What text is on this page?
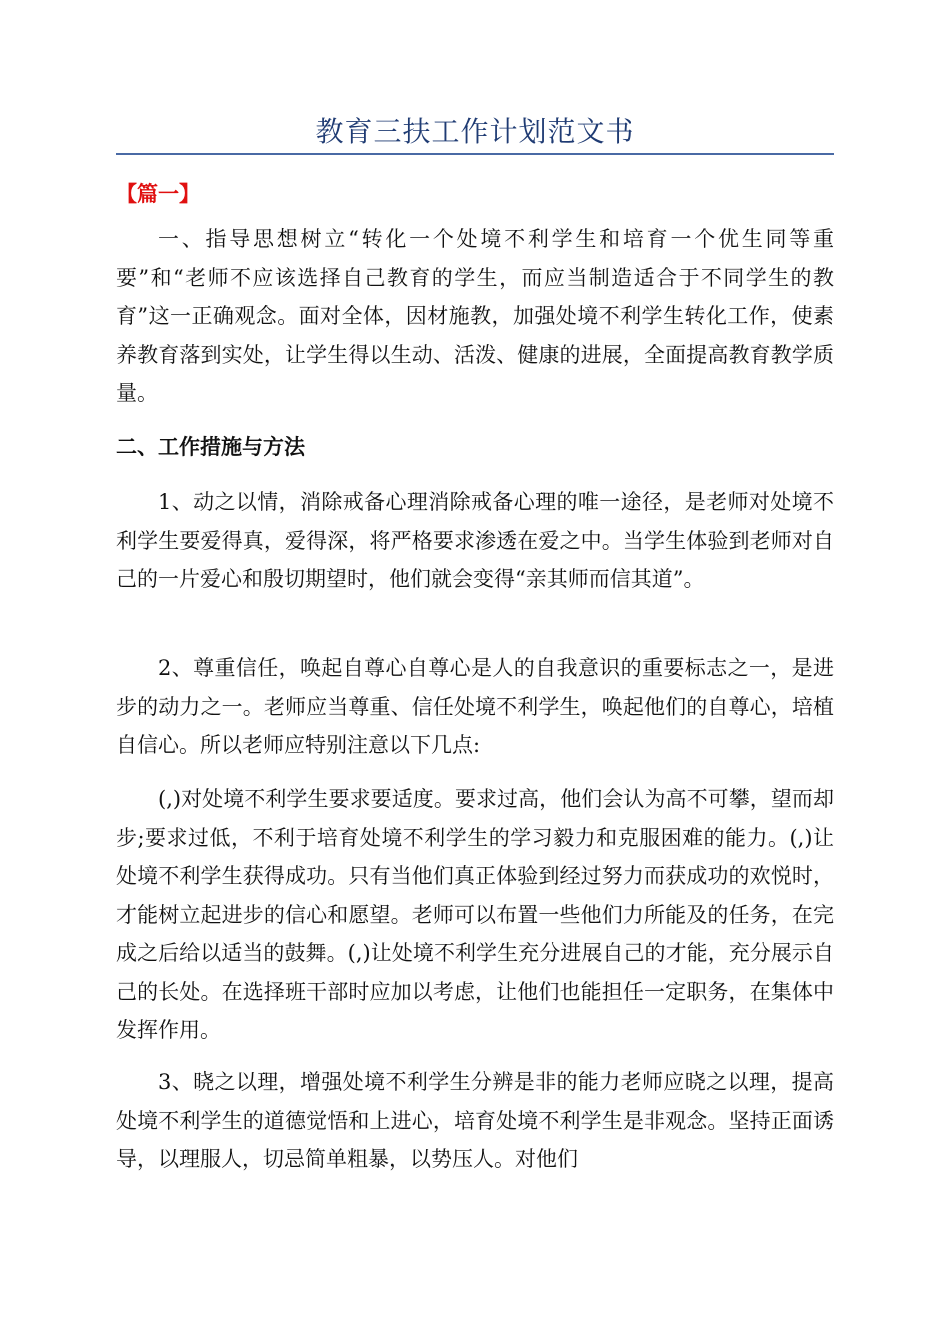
教育三扶工作计划范文书
【篇一】

一、指导思想树立“转化一个处境不利学生和培育一个优生同等重要”和“老师不应该选择自己教育的学生，而应当制造适合于不同学生的教育”这一正确观念。面对全体，因材施教，加强处境不利学生转化工作，使素养教育落到实处，让学生得以生动、活泼、健康的进展，全面提高教育教学质量。

二、工作措施与方法

1、动之以情，消除戒备心理消除戒备心理的唯一途径，是老师对处境不利学生要爱得真，爱得深，将严格要求渗透在爱之中。当学生体验到老师对自己的一片爱心和殷切期望时，他们就会变得“亲其师而信其道”。

2、尊重信任，唤起自尊心自尊心是人的自我意识的重要标志之一，是进步的动力之一。老师应当尊重、信任处境不利学生，唤起他们的自尊心，培植自信心。所以老师应特别注意以下几点:

(,)对处境不利学生要求要适度。要求过高，他们会认为高不可攀，望而却步;要求过低，不利于培育处境不利学生的学习毅力和克服困难的能力。(,)让处境不利学生获得成功。只有当他们真正体验到经过努力而获成功的欢悦时，才能树立起进步的信心和愿望。老师可以布置一些他们力所能及的任务，在完成之后给以适当的鼓舞。(,)让处境不利学生充分进展自己的才能，充分展示自己的长处。在选择班干部时应加以考虑，让他们也能担任一定职务，在集体中发挥作用。

3、晓之以理，增强处境不利学生分辨是非的能力老师应晓之以理，提高处境不利学生的道德觉悟和上进心，培育处境不利学生是非观念。坚持正面诱导，以理服人，切忌简单粗暴，以势压人。对他们
